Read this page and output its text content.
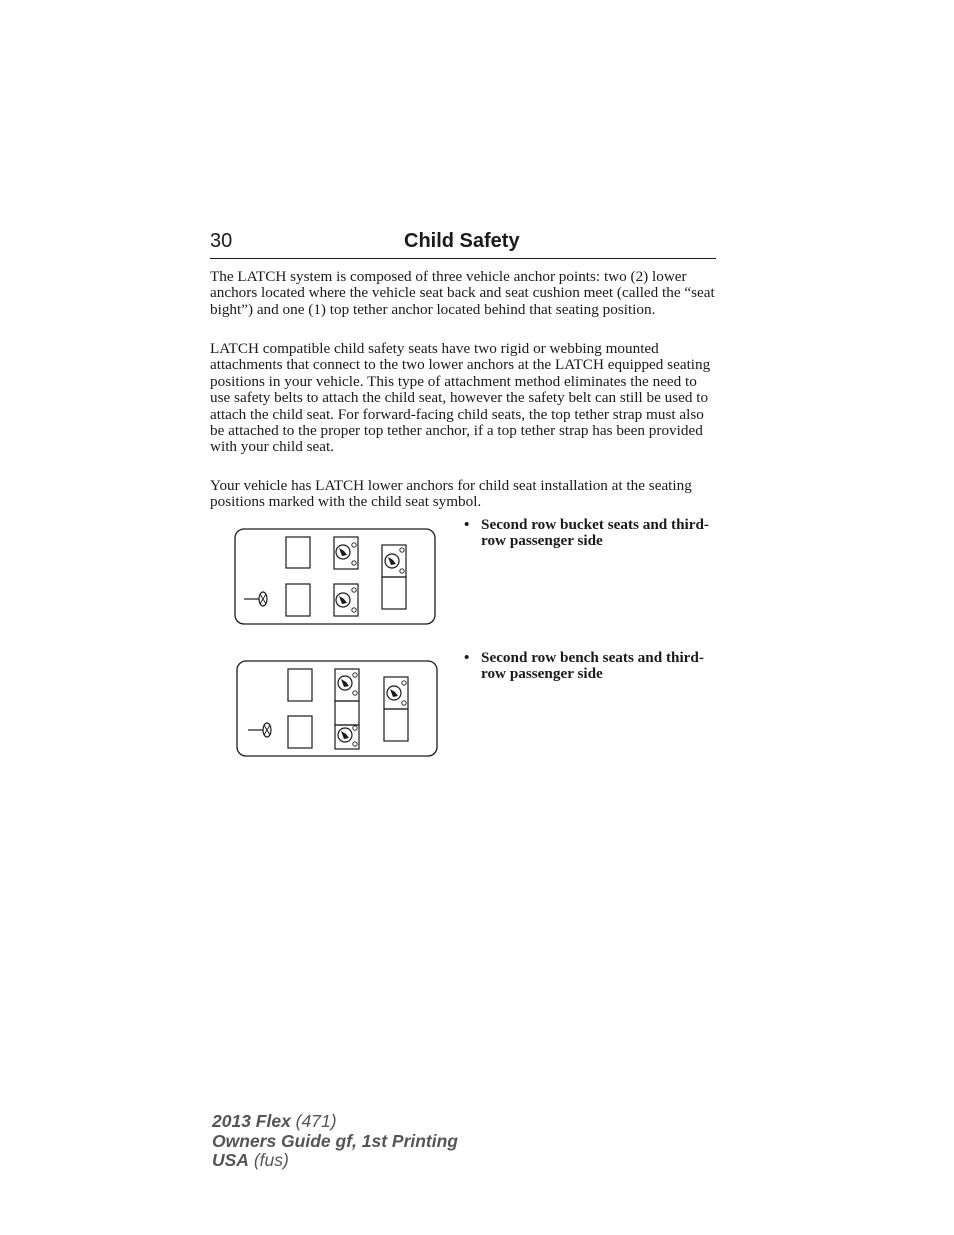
30	Child Safety

The LATCH system is composed of three vehicle anchor points: two (2) lower anchors located where the vehicle seat back and seat cushion meet (called the “seat bight”) and one (1) top tether anchor located behind that seating position.

LATCH compatible child safety seats have two rigid or webbing mounted attachments that connect to the two lower anchors at the LATCH equipped seating positions in your vehicle. This type of attachment method eliminates the need to use safety belts to attach the child seat, however the safety belt can still be used to attach the child seat. For forward-facing child seats, the top tether strap must also be attached to the proper top tether anchor, if a top tether strap has been provided with your child seat.

Your vehicle has LATCH lower anchors for child seat installation at the seating positions marked with the child seat symbol.

• Second row bucket seats and third-row passenger side
• Second row bench seats and third-row passenger side
2013 Flex (471)
Owners Guide gf, 1st Printing
USA (fus)
